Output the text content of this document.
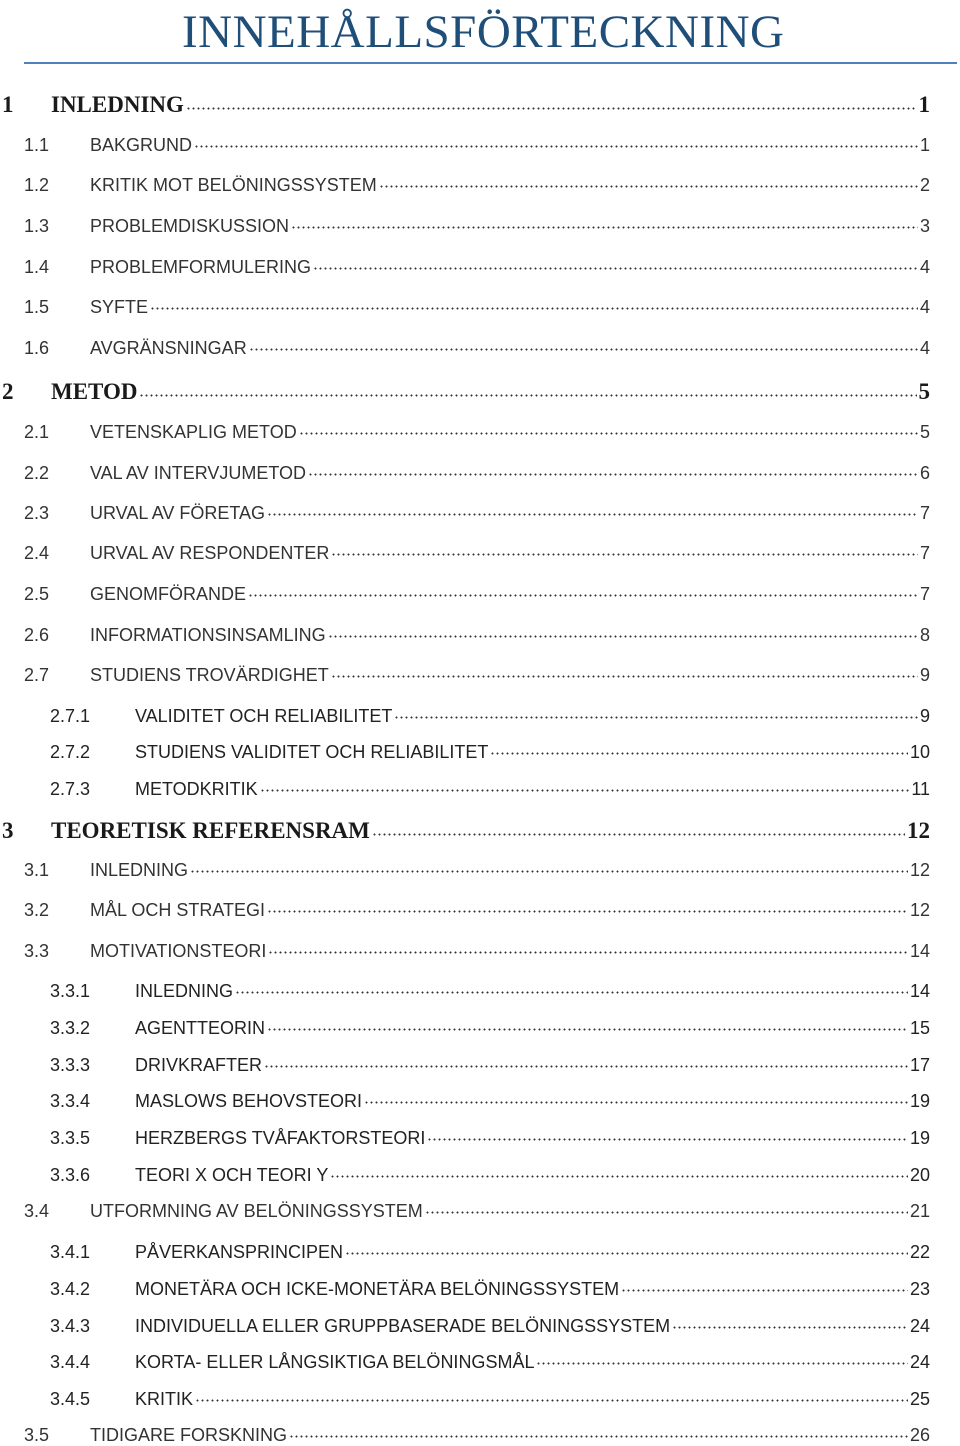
INNEHÅLLSFÖRTECKNING
1	INLEDNING	1
1.1	BAKGRUND	1
1.2	KRITIK MOT BELÖNINGSSYSTEM	2
1.3	PROBLEMDISKUSSION	3
1.4	PROBLEMFORMULERING	4
1.5	SYFTE	4
1.6	AVGRÄNSNINGAR	4
2	METOD	5
2.1	VETENSKAPLIG METOD	5
2.2	VAL AV INTERVJUMETOD	6
2.3	URVAL AV FÖRETAG	7
2.4	URVAL AV RESPONDENTER	7
2.5	GENOMFÖRANDE	7
2.6	INFORMATIONSINSAMLING	8
2.7	STUDIENS TROVÄRDIGHET	9
2.7.1	VALIDITET OCH RELIABILITET	9
2.7.2	STUDIENS VALIDITET OCH RELIABILITET	10
2.7.3	METODKRITIK	11
3	TEORETISK REFERENSRAM	12
3.1	INLEDNING	12
3.2	MÅL OCH STRATEGI	12
3.3	MOTIVATIONSTEORI	14
3.3.1	INLEDNING	14
3.3.2	AGENTTEORIN	15
3.3.3	DRIVKRAFTER	17
3.3.4	MASLOWS BEHOVSTEORI	19
3.3.5	HERZBERGS TVÅFAKTORSTEORI	19
3.3.6	TEORI X OCH TEORI Y	20
3.4	UTFORMNING AV BELÖNINGSSYSTEM	21
3.4.1	PÅVERKANSPRINCIPEN	22
3.4.2	MONETÄRA OCH ICKE-MONETÄRA BELÖNINGSSYSTEM	23
3.4.3	INDIVIDUELLA ELLER GRUPPBASERADE BELÖNINGSSYSTEM	24
3.4.4	KORTA- ELLER LÅNGSIKTIGA BELÖNINGSMÅL	24
3.4.5	KRITIK	25
3.5	TIDIGARE FORSKNING	26
